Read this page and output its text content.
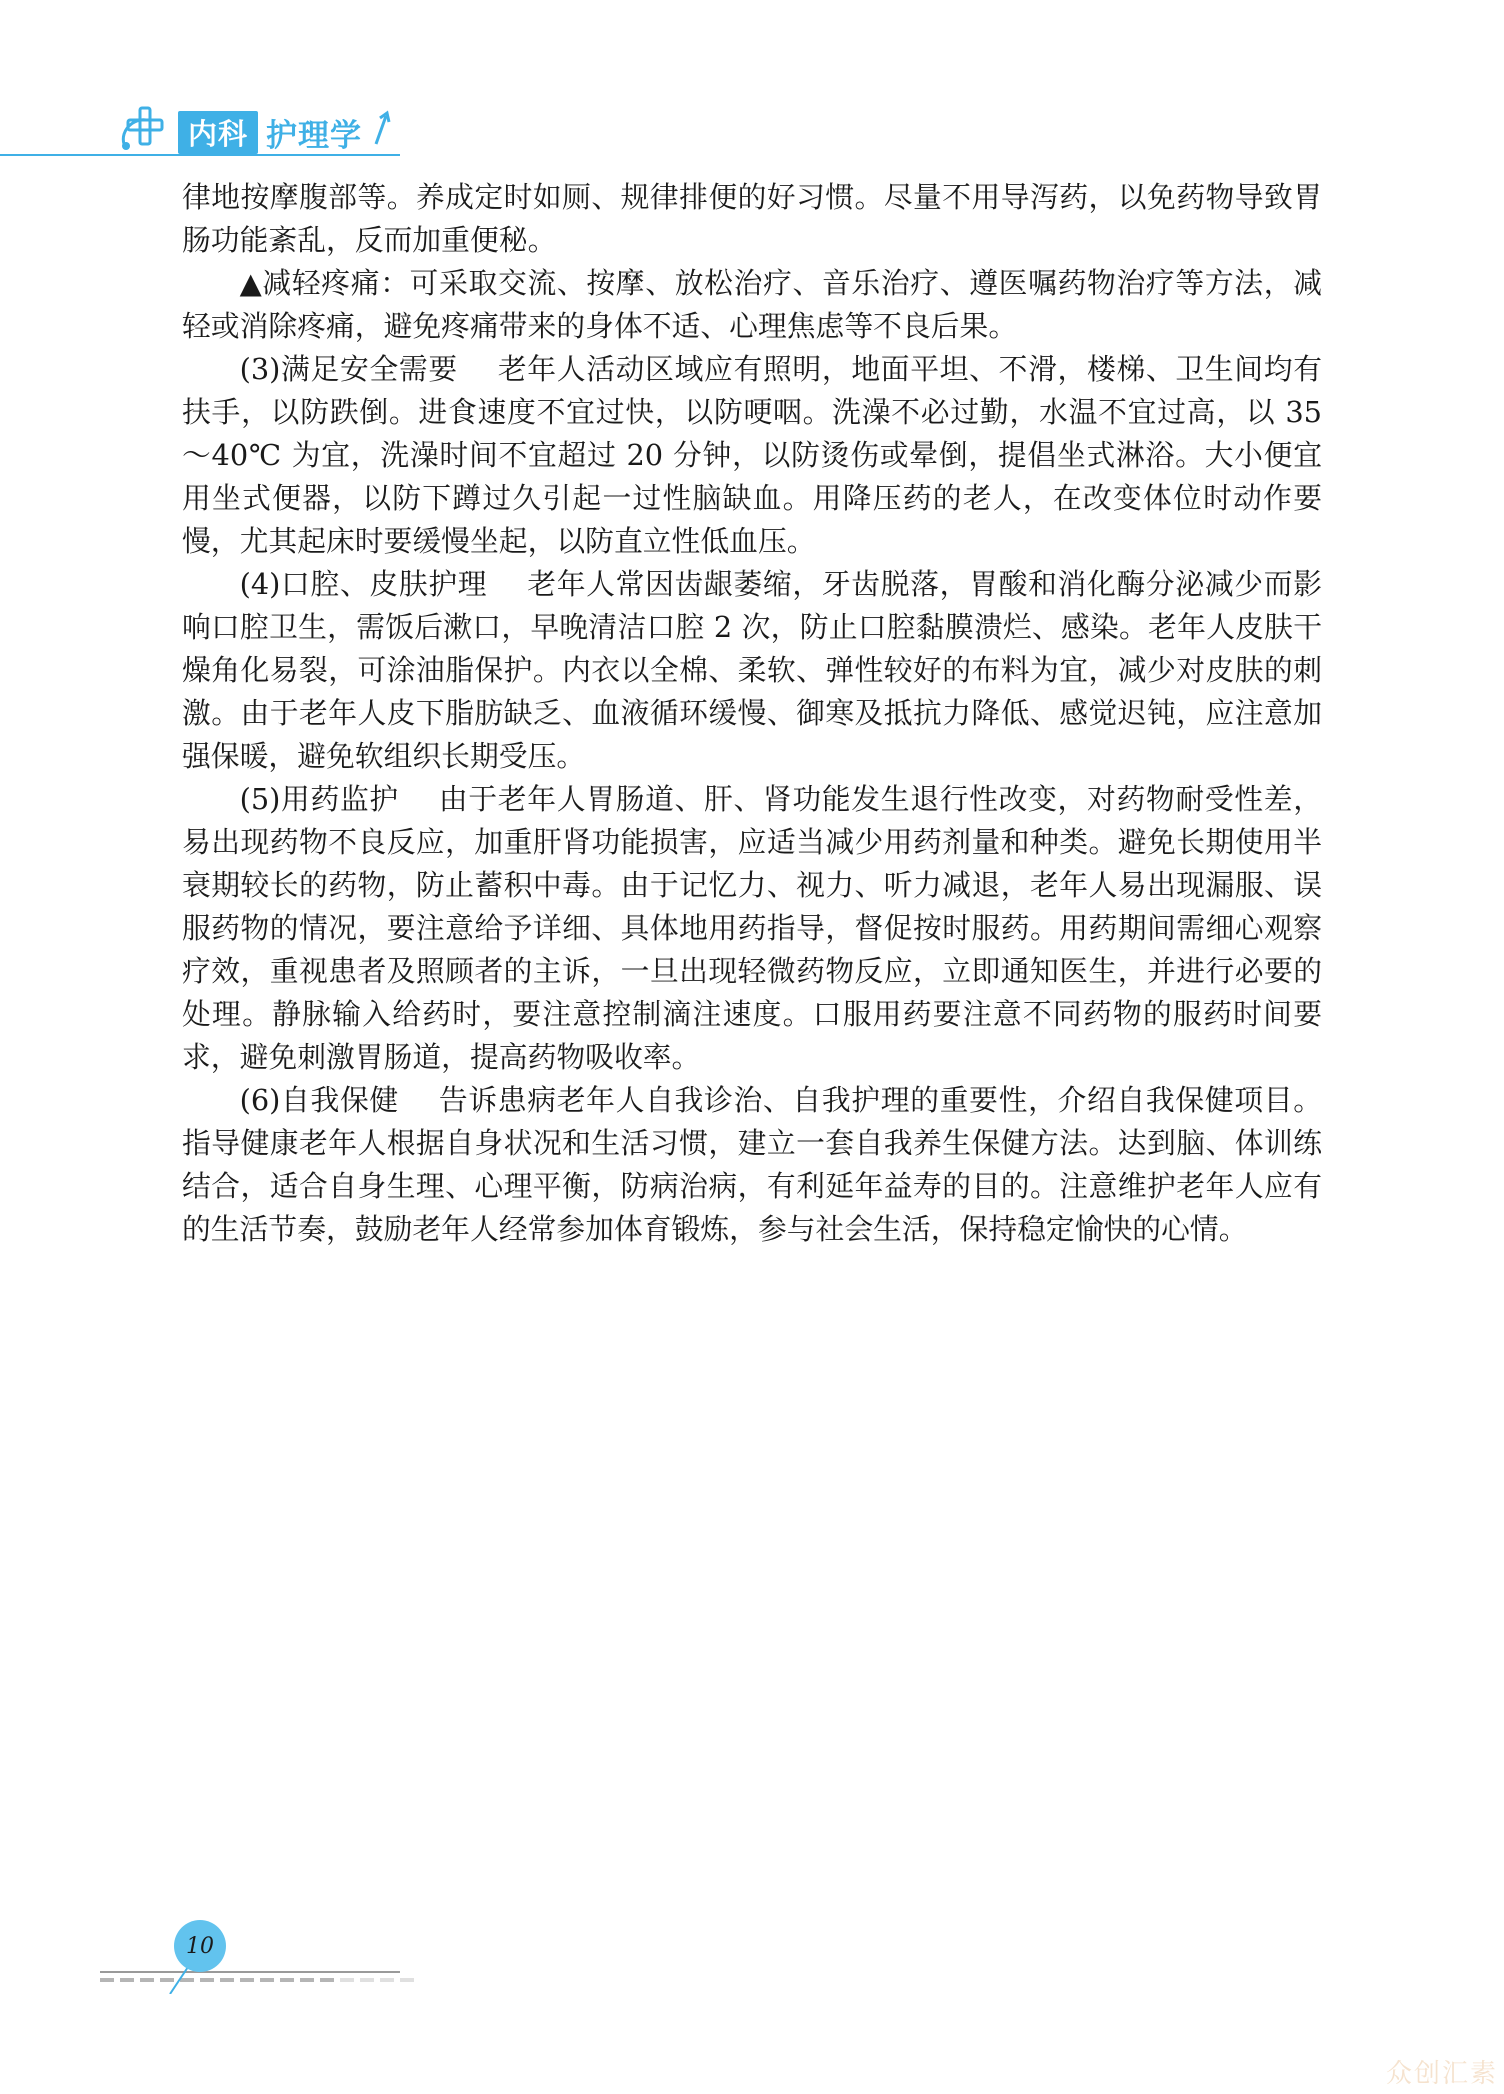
内科 护理学

律地按摩腹部等。养成定时如厕、规律排便的好习惯。尽量不用导泻药，以免药物导致胃肠功能紊乱，反而加重便秘。

▲减轻疼痛：可采取交流、按摩、放松治疗、音乐治疗、遵医嘱药物治疗等方法，减轻或消除疼痛，避免疼痛带来的身体不适、心理焦虑等不良后果。

(3)满足安全需要 老年人活动区域应有照明，地面平坦、不滑，楼梯、卫生间均有扶手，以防跌倒。进食速度不宜过快，以防哽咽。洗澡不必过勤，水温不宜过高，以 35～40℃ 为宜，洗澡时间不宜超过 20 分钟，以防烫伤或晕倒，提倡坐式淋浴。大小便宜用坐式便器，以防下蹲过久引起一过性脑缺血。用降压药的老人，在改变体位时动作要慢，尤其起床时要缓慢坐起，以防直立性低血压。

(4)口腔、皮肤护理 老年人常因齿龈萎缩，牙齿脱落，胃酸和消化酶分泌减少而影响口腔卫生，需饭后漱口，早晚清洁口腔 2 次，防止口腔黏膜溃烂、感染。老年人皮肤干燥角化易裂，可涂油脂保护。内衣以全棉、柔软、弹性较好的布料为宜，减少对皮肤的刺激。由于老年人皮下脂肪缺乏、血液循环缓慢、御寒及抵抗力降低、感觉迟钝，应注意加强保暖，避免软组织长期受压。

(5)用药监护 由于老年人胃肠道、肝、肾功能发生退行性改变，对药物耐受性差，易出现药物不良反应，加重肝肾功能损害，应适当减少用药剂量和种类。避免长期使用半衰期较长的药物，防止蓄积中毒。由于记忆力、视力、听力减退，老年人易出现漏服、误服药物的情况，要注意给予详细、具体地用药指导，督促按时服药。用药期间需细心观察疗效，重视患者及照顾者的主诉，一旦出现轻微药物反应，立即通知医生，并进行必要的处理。静脉输入给药时，要注意控制滴注速度。口服用药要注意不同药物的服药时间要求，避免刺激胃肠道，提高药物吸收率。

(6)自我保健 告诉患病老年人自我诊治、自我护理的重要性，介绍自我保健项目。指导健康老年人根据自身状况和生活习惯，建立一套自我养生保健方法。达到脑、体训练结合，适合自身生理、心理平衡，防病治病，有利延年益寿的目的。注意维护老年人应有的生活节奏，鼓励老年人经常参加体育锻炼，参与社会生活，保持稳定愉快的心情。

10
众创汇素
